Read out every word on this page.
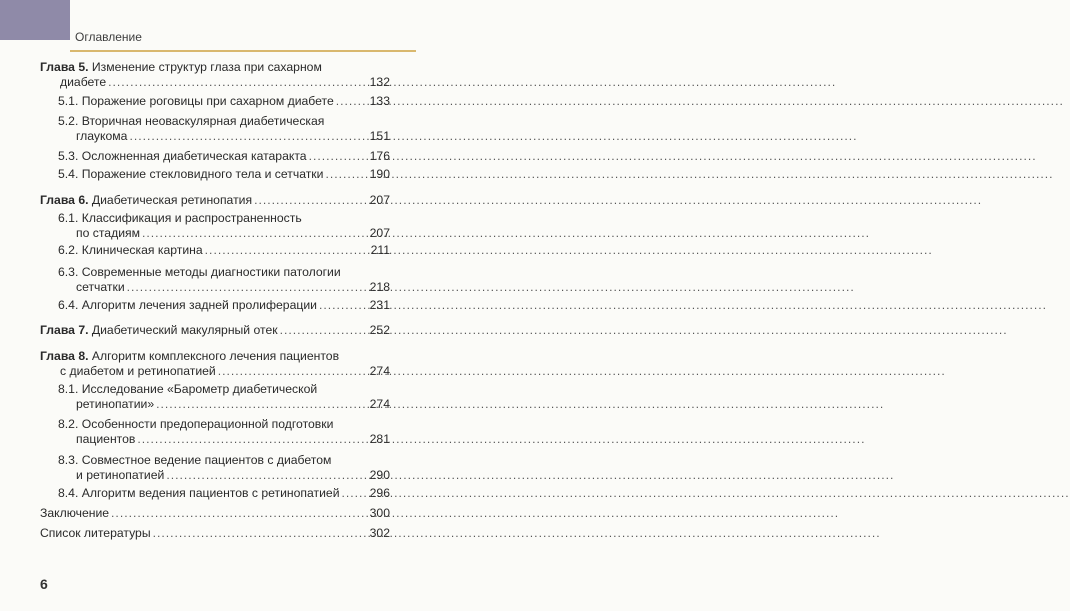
Оглавление
Глава 5. Изменение структур глаза при сахарном
диабете .....	132
5.1. Поражение роговицы при сахарном диабете .....	133
5.2. Вторичная неоваскулярная диабетическая
глаукома .....	151
5.3. Осложненная диабетическая катаракта .....	176
5.4. Поражение стекловидного тела и сетчатки .....	190
Глава 6. Диабетическая ретинопатия .....	207
6.1. Классификация и распространенность
по стадиям .....	207
6.2. Клиническая картина .....	211
6.3. Современные методы диагностики патологии
сетчатки .....	218
6.4. Алгоритм лечения задней пролиферации .....	231
Глава 7. Диабетический макулярный отек .....	252
Глава 8. Алгоритм комплексного лечения пациентов
с диабетом и ретинопатией .....	274
8.1. Исследование «Барометр диабетической
ретинопатии» .....	274
8.2. Особенности предоперационной подготовки
пациентов .....	281
8.3. Совместное ведение пациентов с диабетом
и ретинопатией .....	290
8.4. Алгоритм ведения пациентов с ретинопатией ..... 296
Заключение .....	300
Список литературы .....	302
6
